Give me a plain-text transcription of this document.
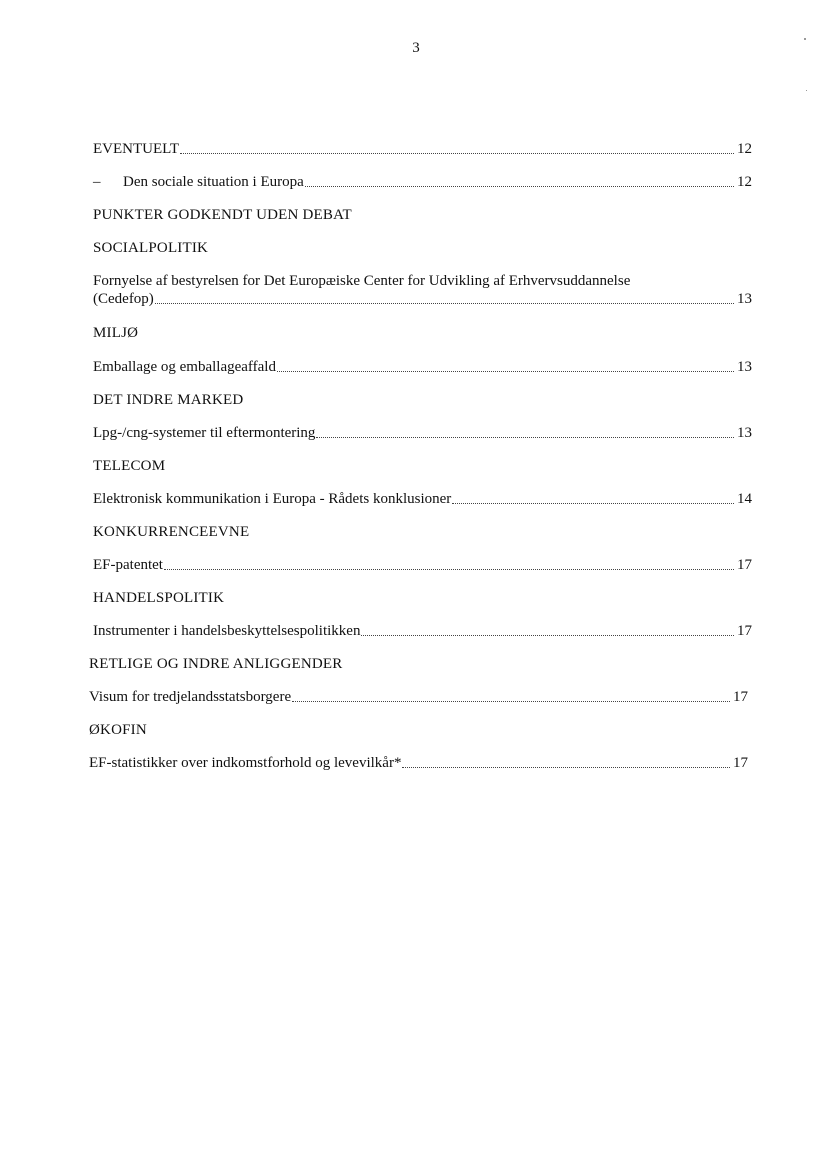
3
EVENTUELT	12
–	Den sociale situation i Europa	12
PUNKTER GODKENDT UDEN DEBAT
SOCIALPOLITIK
Fornyelse af bestyrelsen for Det Europæiske Center for Udvikling af Erhvervsuddannelse
(Cedefop)	13
MILJØ
Emballage og emballageaffald	13
DET INDRE MARKED
Lpg-/cng-systemer til eftermontering	13
TELECOM
Elektronisk kommunikation i Europa - Rådets konklusioner	14
KONKURRENCEEVNE
EF-patentet	17
HANDELSPOLITIK
Instrumenter i handelsbeskyttelsespolitikken	17
RETLIGE OG INDRE ANLIGGENDER
Visum for tredjelandsstatsborgere	17
ØKOFIN
EF-statistikker over indkomstforhold og levevilkår*	17
